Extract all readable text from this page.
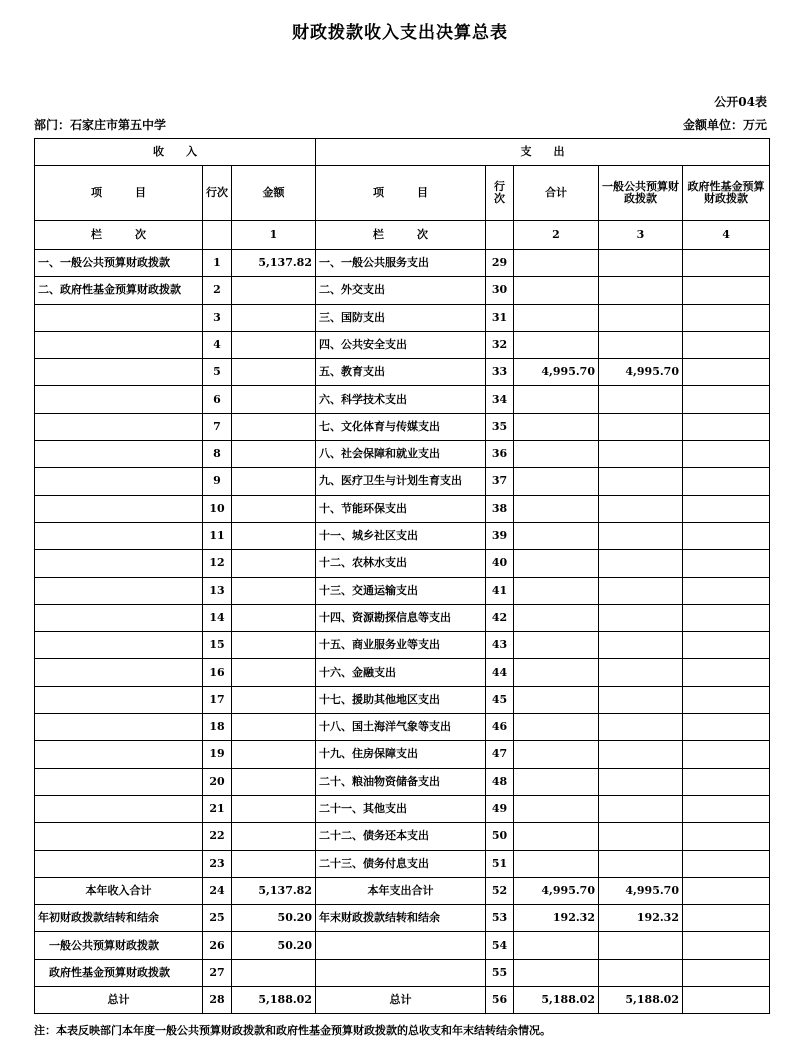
财政拨款收入支出决算总表
公开04表
部门：石家庄市第五中学	金额单位：万元
收　　入			支　　出				
项　　　目	行次	金额	项　　　目	行次	合计	一般公共预算财政拨款	政府性基金预算财政拨款
栏　　　次		1	栏　　　次		2	3	4
一、一般公共预算财政拨款	1	5,137.82	一、一般公共服务支出	29			
二、政府性基金预算财政拨款	2		二、外交支出	30			
	3		三、国防支出	31			
	4		四、公共安全支出	32			
	5		五、教育支出	33	4,995.70	4,995.70	
	6		六、科学技术支出	34			
	7		七、文化体育与传媒支出	35			
	8		八、社会保障和就业支出	36			
	9		九、医疗卫生与计划生育支出	37			
	10		十、节能环保支出	38			
	11		十一、城乡社区支出	39			
	12		十二、农林水支出	40			
	13		十三、交通运输支出	41			
	14		十四、资源勘探信息等支出	42			
	15		十五、商业服务业等支出	43			
	16		十六、金融支出	44			
	17		十七、援助其他地区支出	45			
	18		十八、国土海洋气象等支出	46			
	19		十九、住房保障支出	47			
	20		二十、粮油物资储备支出	48			
	21		二十一、其他支出	49			
	22		二十二、债务还本支出	50			
	23		二十三、债务付息支出	51			
本年收入合计	24	5,137.82	本年支出合计	52	4,995.70	4,995.70	
年初财政拨款结转和结余	25	50.20	年末财政拨款结转和结余	53	192.32	192.32	
一般公共预算财政拨款	26	50.20		54			
政府性基金预算财政拨款	27			55			
总计	28	5,188.02	总计	56	5,188.02	5,188.02	
注：本表反映部门本年度一般公共预算财政拨款和政府性基金预算财政拨款的总收支和年末结转结余情况。
